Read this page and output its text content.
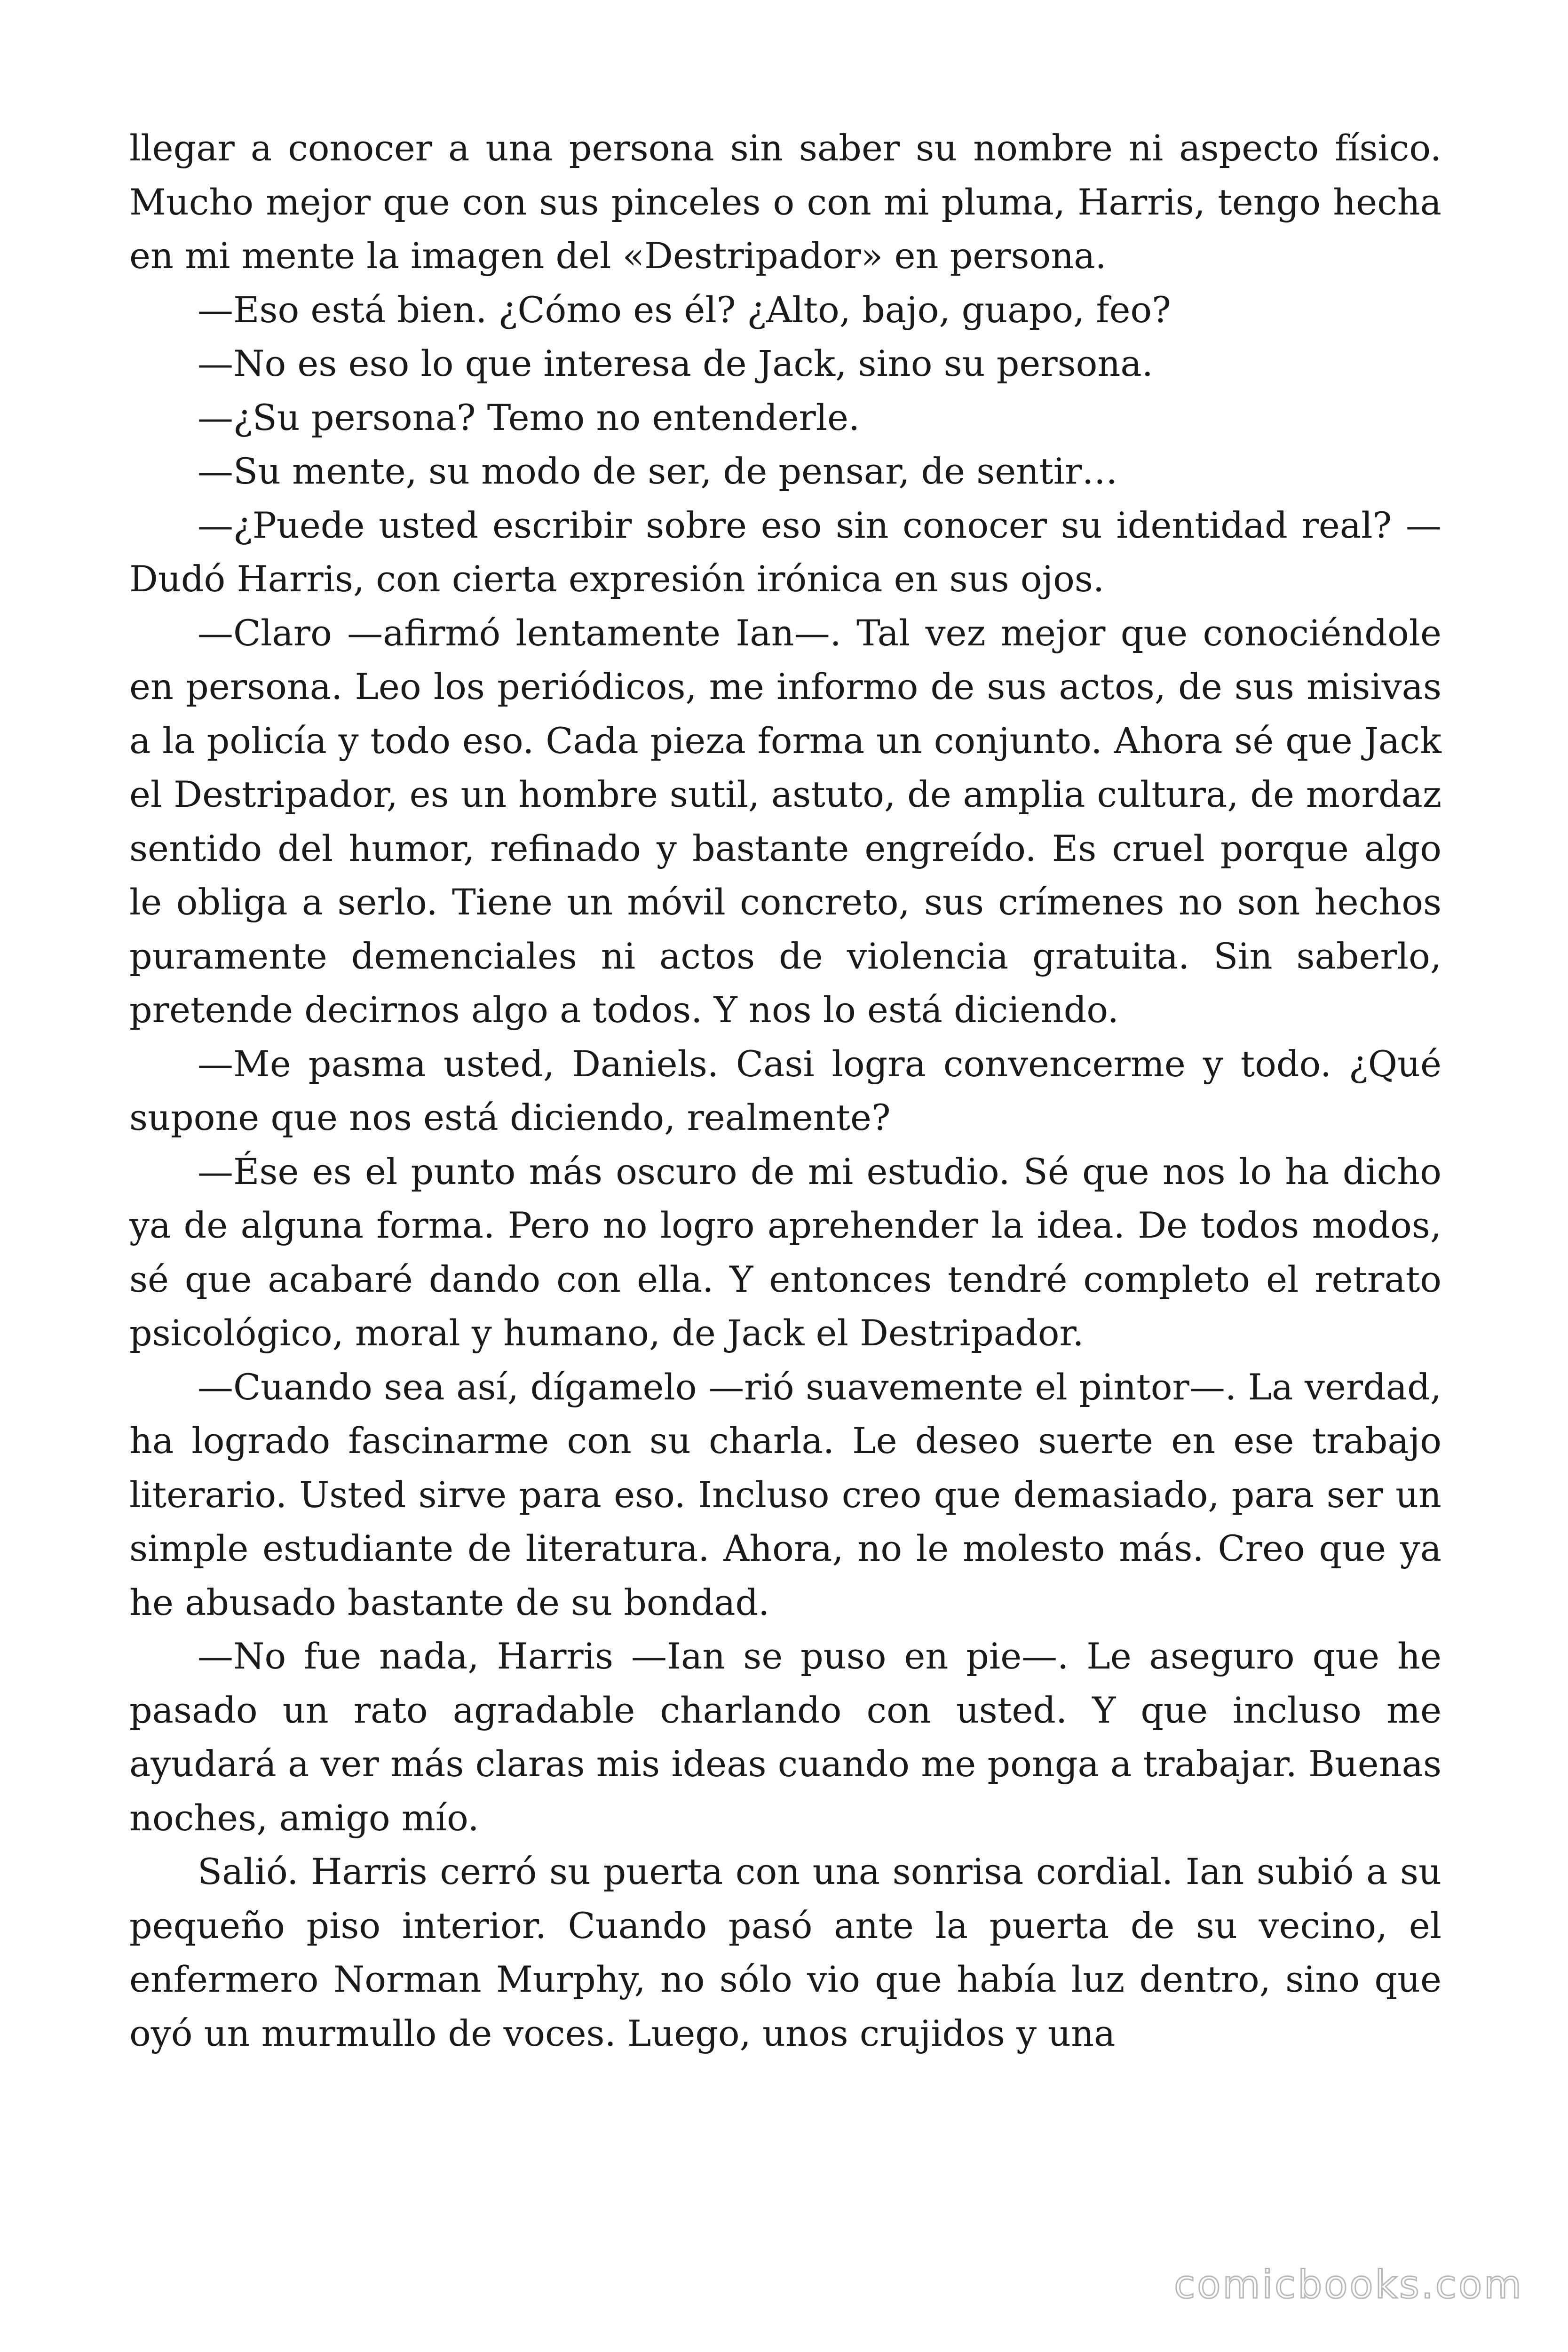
llegar a conocer a una persona sin saber su nombre ni aspecto físico. Mucho mejor que con sus pinceles o con mi pluma, Harris, tengo hecha en mi mente la imagen del «Destripador» en persona.

—Eso está bien. ¿Cómo es él? ¿Alto, bajo, guapo, feo?

—No es eso lo que interesa de Jack, sino su persona.

—¿Su persona? Temo no entenderle.

—Su mente, su modo de ser, de pensar, de sentir…

—¿Puede usted escribir sobre eso sin conocer su identidad real? —Dudó Harris, con cierta expresión irónica en sus ojos.

—Claro —afirmó lentamente Ian—. Tal vez mejor que conociéndole en persona. Leo los periódicos, me informo de sus actos, de sus misivas a la policía y todo eso. Cada pieza forma un conjunto. Ahora sé que Jack el Destripador, es un hombre sutil, astuto, de amplia cultura, de mordaz sentido del humor, refinado y bastante engreído. Es cruel porque algo le obliga a serlo. Tiene un móvil concreto, sus crímenes no son hechos puramente demenciales ni actos de violencia gratuita. Sin saberlo, pretende decirnos algo a todos. Y nos lo está diciendo.

—Me pasma usted, Daniels. Casi logra convencerme y todo. ¿Qué supone que nos está diciendo, realmente?

—Ése es el punto más oscuro de mi estudio. Sé que nos lo ha dicho ya de alguna forma. Pero no logro aprehender la idea. De todos modos, sé que acabaré dando con ella. Y entonces tendré completo el retrato psicológico, moral y humano, de Jack el Destripador.

—Cuando sea así, dígamelo —rió suavemente el pintor—. La verdad, ha logrado fascinarme con su charla. Le deseo suerte en ese trabajo literario. Usted sirve para eso. Incluso creo que demasiado, para ser un simple estudiante de literatura. Ahora, no le molesto más. Creo que ya he abusado bastante de su bondad.

—No fue nada, Harris —Ian se puso en pie—. Le aseguro que he pasado un rato agradable charlando con usted. Y que incluso me ayudará a ver más claras mis ideas cuando me ponga a trabajar. Buenas noches, amigo mío.

Salió. Harris cerró su puerta con una sonrisa cordial. Ian subió a su pequeño piso interior. Cuando pasó ante la puerta de su vecino, el enfermero Norman Murphy, no sólo vio que había luz dentro, sino que oyó un murmullo de voces. Luego, unos crujidos y una

comicbooks.com
